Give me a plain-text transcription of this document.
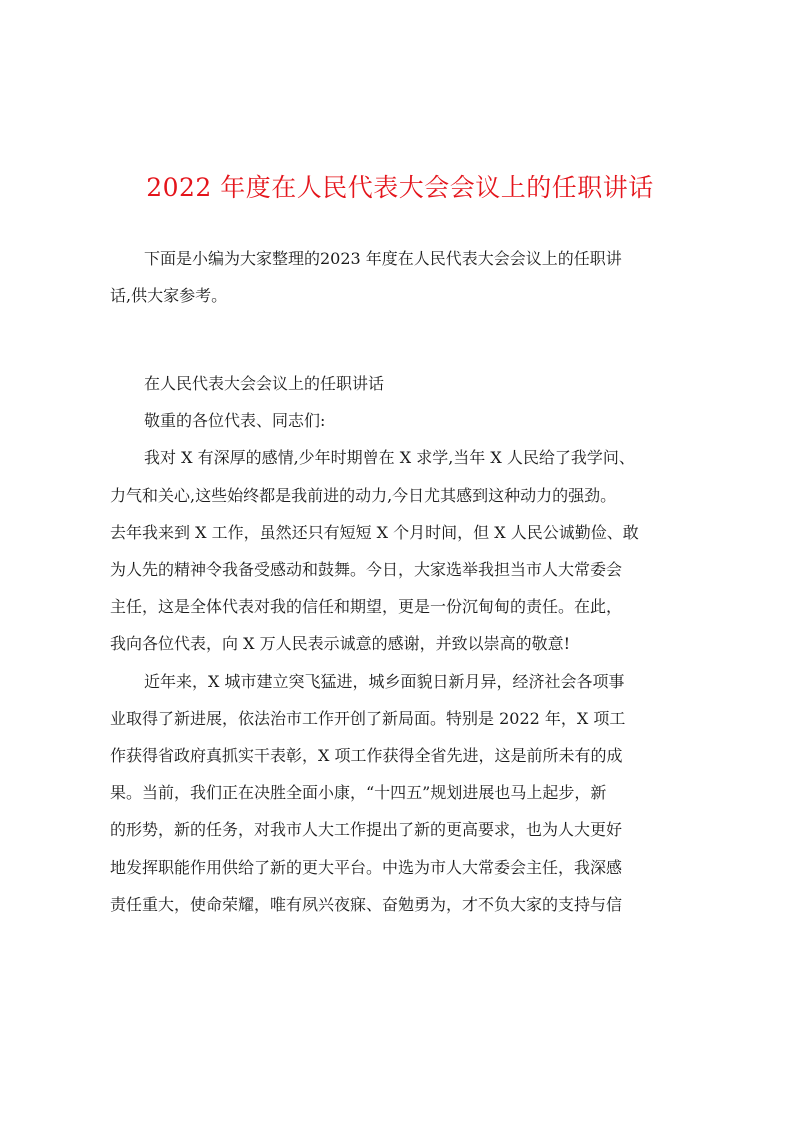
2022 年度在人民代表大会会议上的任职讲话

下面是小编为大家整理的2023 年度在人民代表大会会议上的任职讲
话,供大家参考。

在人民代表大会会议上的任职讲话

敬重的各位代表、同志们:

我对 X 有深厚的感情,少年时期曾在 X 求学,当年 X 人民给了我学问、
力气和关心,这些始终都是我前进的动力,今日尤其感到这种动力的强劲。
去年我来到 X 工作，虽然还只有短短 X 个月时间，但 X 人民公诚勤俭、敢
为人先的精神令我备受感动和鼓舞。今日，大家选举我担当市人大常委会
主任，这是全体代表对我的信任和期望，更是一份沉甸甸的责任。在此，
我向各位代表，向 X 万人民表示诚意的感谢，并致以崇高的敬意!

近年来，X 城市建立突飞猛进，城乡面貌日新月异，经济社会各项事
业取得了新进展，依法治市工作开创了新局面。特别是 2022 年，X 项工
作获得省政府真抓实干表彰，X 项工作获得全省先进，这是前所未有的成
果。当前，我们正在决胜全面小康，“十四五”规划进展也马上起步，新
的形势，新的任务，对我市人大工作提出了新的更高要求，也为人大更好
地发挥职能作用供给了新的更大平台。中选为市人大常委会主任，我深感
责任重大，使命荣耀，唯有夙兴夜寐、奋勉勇为，才不负大家的支持与信
